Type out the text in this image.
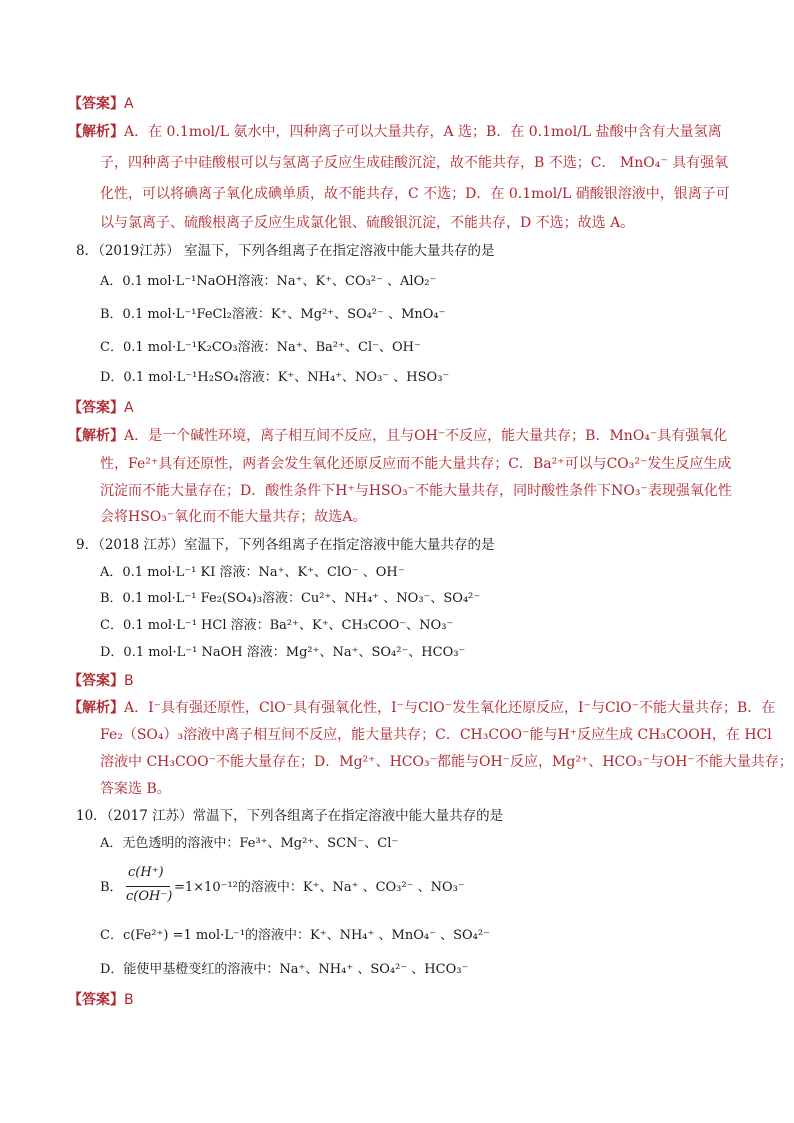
【答案】A
【解析】A．在 0.1mol/L 氨水中，四种离子可以大量共存，A 选；B．在 0.1mol/L 盐酸中含有大量氢离
子，四种离子中硅酸根可以与氢离子反应生成硅酸沉淀，故不能共存，B 不选；C． MnO₄⁻ 具有强氧
化性，可以将碘离子氧化成碘单质，故不能共存，C 不选；D．在 0.1mol/L 硝酸银溶液中，银离子可
以与氯离子、硫酸根离子反应生成氯化银、硫酸银沉淀，不能共存，D 不选；故选 A。
8．（2019江苏） 室温下，下列各组离子在指定溶液中能大量共存的是
A．0.1 mol·L⁻¹NaOH溶液：Na⁺、K⁺、CO₃²⁻ 、AlO₂⁻
B．0.1 mol·L⁻¹FeCl₂溶液：K⁺、Mg²⁺、SO₄²⁻ 、MnO₄⁻
C．0.1 mol·L⁻¹K₂CO₃溶液：Na⁺、Ba²⁺、Cl⁻、OH⁻
D．0.1 mol·L⁻¹H₂SO₄溶液：K⁺、NH₄⁺、NO₃⁻ 、HSO₃⁻
【答案】A
【解析】A．是一个碱性环境，离子相互间不反应，且与OH⁻不反应，能大量共存；B．MnO₄⁻具有强氧化
性，Fe²⁺具有还原性，两者会发生氧化还原反应而不能大量共存；C．Ba²⁺可以与CO₃²⁻发生反应生成
沉淀而不能大量存在；D．酸性条件下H⁺与HSO₃⁻不能大量共存，同时酸性条件下NO₃⁻表现强氧化性
会将HSO₃⁻氧化而不能大量共存；故选A。
9．（2018 江苏）室温下，下列各组离子在指定溶液中能大量共存的是
A．0.1 mol·L⁻¹ KI 溶液：Na⁺、K⁺、ClO⁻ 、OH⁻
B．0.1 mol·L⁻¹ Fe₂(SO₄)₃溶液：Cu²⁺、NH₄⁺ 、NO₃⁻、SO₄²⁻
C．0.1 mol·L⁻¹ HCl 溶液：Ba²⁺、K⁺、CH₃COO⁻、NO₃⁻
D．0.1 mol·L⁻¹ NaOH 溶液：Mg²⁺、Na⁺、SO₄²⁻、HCO₃⁻
【答案】B
【解析】A．I⁻具有强还原性，ClO⁻具有强氧化性，I⁻与ClO⁻发生氧化还原反应，I⁻与ClO⁻不能大量共存；B．在
Fe₂（SO₄）₃溶液中离子相互间不反应，能大量共存；C．CH₃COO⁻能与H⁺反应生成 CH₃COOH，在 HCl
溶液中 CH₃COO⁻不能大量存在；D．Mg²⁺、HCO₃⁻都能与OH⁻反应，Mg²⁺、HCO₃⁻与OH⁻不能大量共存；
答案选 B。
10．（2017 江苏）常温下，下列各组离子在指定溶液中能大量共存的是
A．无色透明的溶液中：Fe³⁺、Mg²⁺、SCN⁻、Cl⁻
B．
c(H⁺)
c(OH⁻)
=1×10⁻¹²的溶液中：K⁺、Na⁺ 、CO₃²⁻ 、NO₃⁻
C．c(Fe²⁺) =1 mol·L⁻¹的溶液中：K⁺、NH₄⁺ 、MnO₄⁻ 、SO₄²⁻
D．能使甲基橙变红的溶液中：Na⁺、NH₄⁺ 、SO₄²⁻ 、HCO₃⁻
【答案】B
